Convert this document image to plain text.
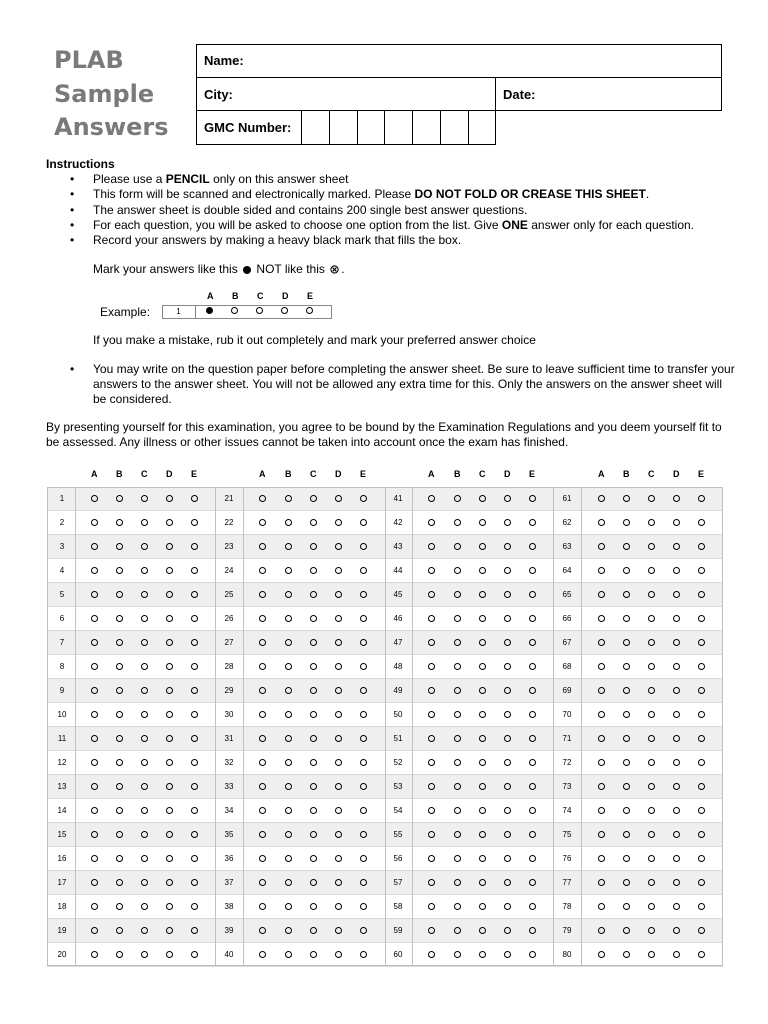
PLAB
Sample
Answers
Name:
City:	Date:
GMC Number:
Instructions
• Please use a PENCIL only on this answer sheet
• This form will be scanned and electronically marked. Please DO NOT FOLD OR CREASE THIS SHEET.
• The answer sheet is double sided and contains 200 single best answer questions.
• For each question, you will be asked to choose one option from the list. Give ONE answer only for each question.
• Record your answers by making a heavy black mark that fills the box.
Mark your answers like this NOT like this .
Example:	1
A B C D E
If you make a mistake, rub it out completely and mark your preferred answer choice
• You may write on the question paper before completing the answer sheet. Be sure to leave sufficient time to transfer your answers to the answer sheet. You will not be allowed any extra time for this. Only the answers on the answer sheet will be considered.
By presenting yourself for this examination, you agree to be bound by the Examination Regulations and you deem yourself fit to be assessed. Any illness or other issues cannot be taken into account once the exam has finished.
A B C D E
1
2
3
4
5
6
7
8
9
10
11
12
13
14
15
16
17
18
19
20
A B C D E
21
22
23
24
25
26
27
28
29
30
31
32
33
34
35
36
37
38
39
40
A B C D E
41
42
43
44
45
46
47
48
49
50
51
52
53
54
55
56
57
58
59
60
A B C D E
61
62
63
64
65
66
67
68
69
70
71
72
73
74
75
76
77
78
79
80
